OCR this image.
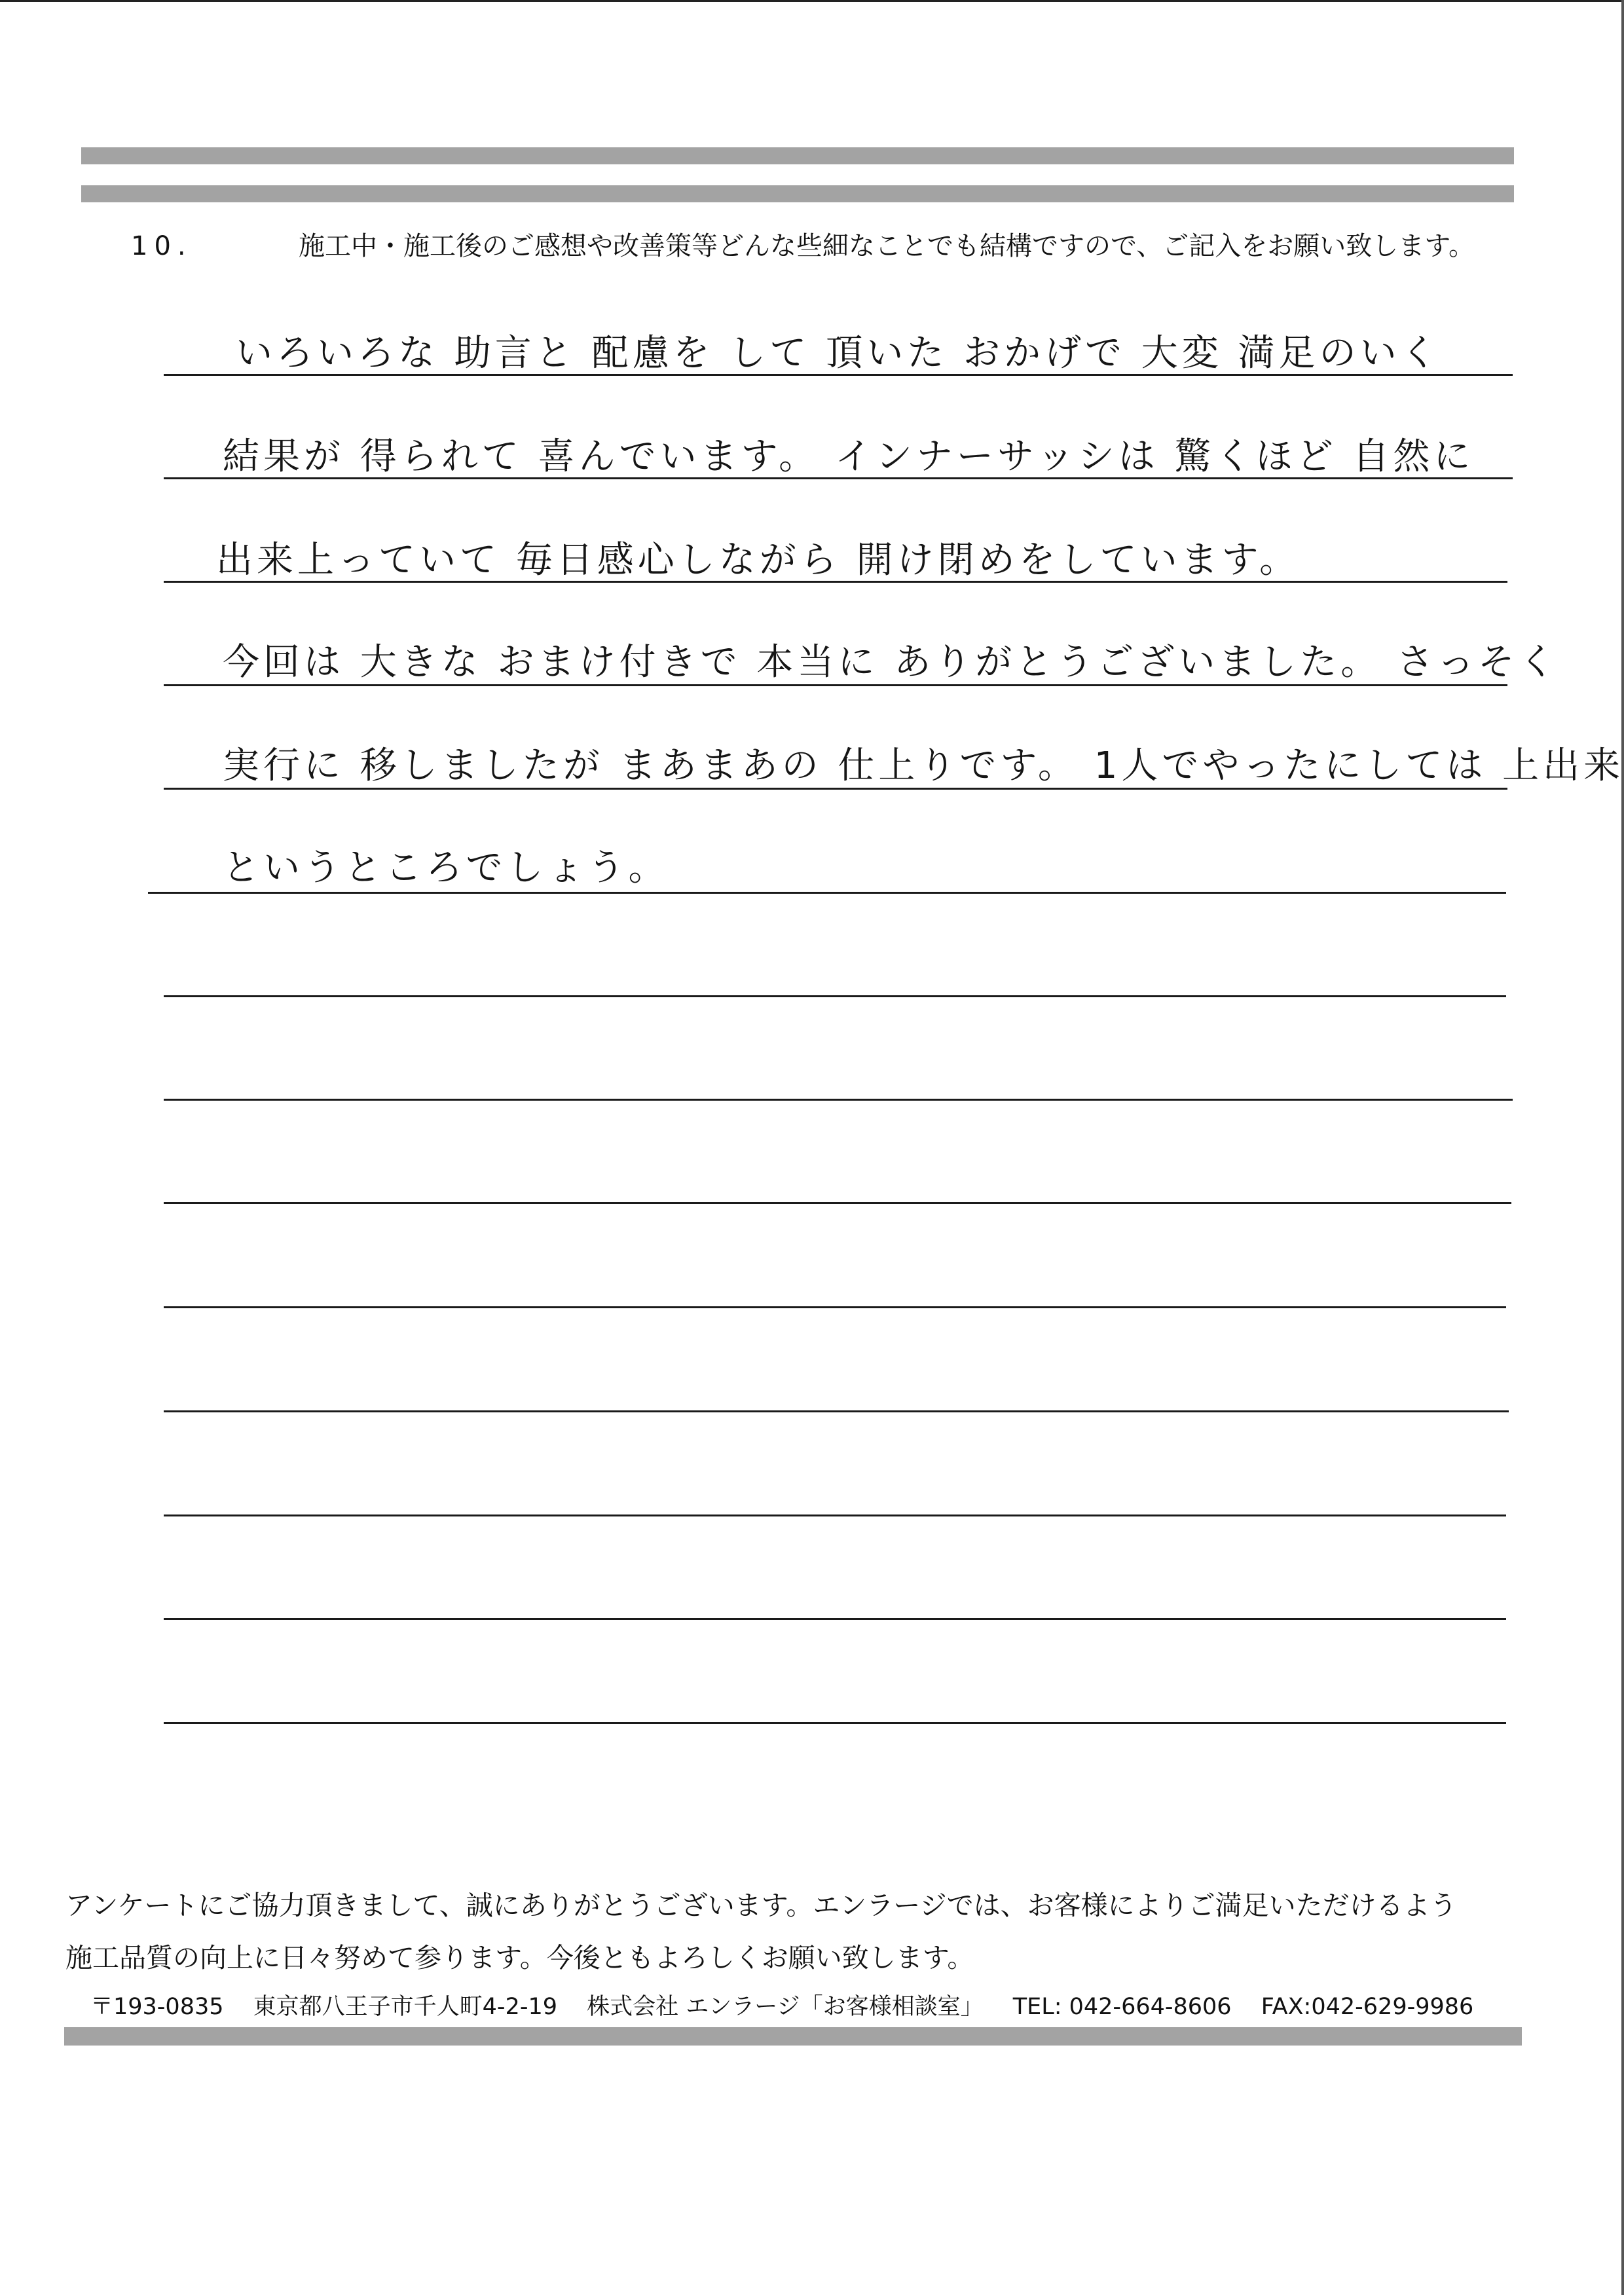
10.	施工中・施工後のご感想や改善策等どんな些細なことでも結構ですので、ご記入をお願い致します。
いろいろな 助言と 配慮を して 頂いた おかげで 大変 満足のいく
結果が 得られて 喜んでいます。 インナーサッシは 驚くほど 自然に
出来上っていて 毎日感心しながら 開け閉めをしています。
今回は 大きな おまけ付きで 本当に ありがとうございました。 さっそく
実行に 移しましたが まあまあの 仕上りです。 1人でやったにしては 上出来
というところでしょう。
アンケートにご協力頂きまして、誠にありがとうございます。エンラージでは、お客様によりご満足いただけるよう
施工品質の向上に日々努めて参ります。今後ともよろしくお願い致します。
〒193-0835 東京都八王子市千人町4-2-19 株式会社 エンラージ「お客様相談室」 TEL: 042-664-8606 FAX:042-629-9986
